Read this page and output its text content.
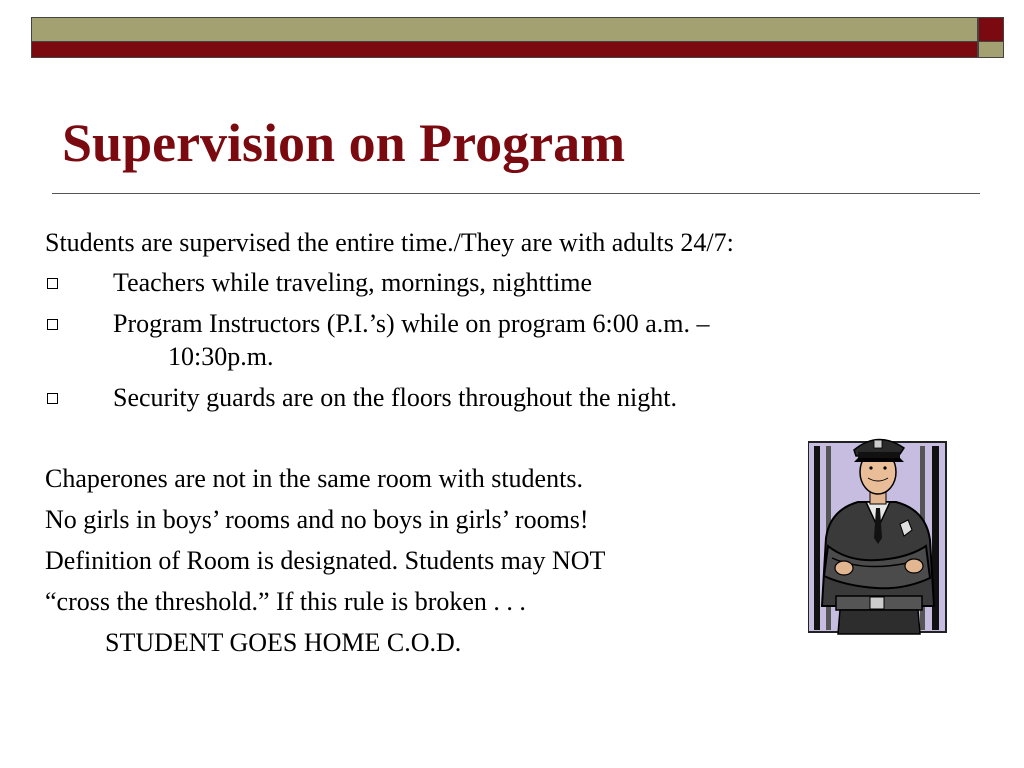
Supervision on Program
Students are supervised the entire time./They are with adults 24/7:
Teachers while traveling, mornings, nighttime
Program Instructors (P.I.’s) while on program 6:00 a.m. –
10:30p.m.
Security guards are on the floors throughout the night.
Chaperones are not in the same room with students.
No girls in boys’ rooms and no boys in girls’ rooms!
Definition of Room is designated. Students may NOT
“cross the threshold.” If this rule is broken . . .
STUDENT GOES HOME C.O.D.
